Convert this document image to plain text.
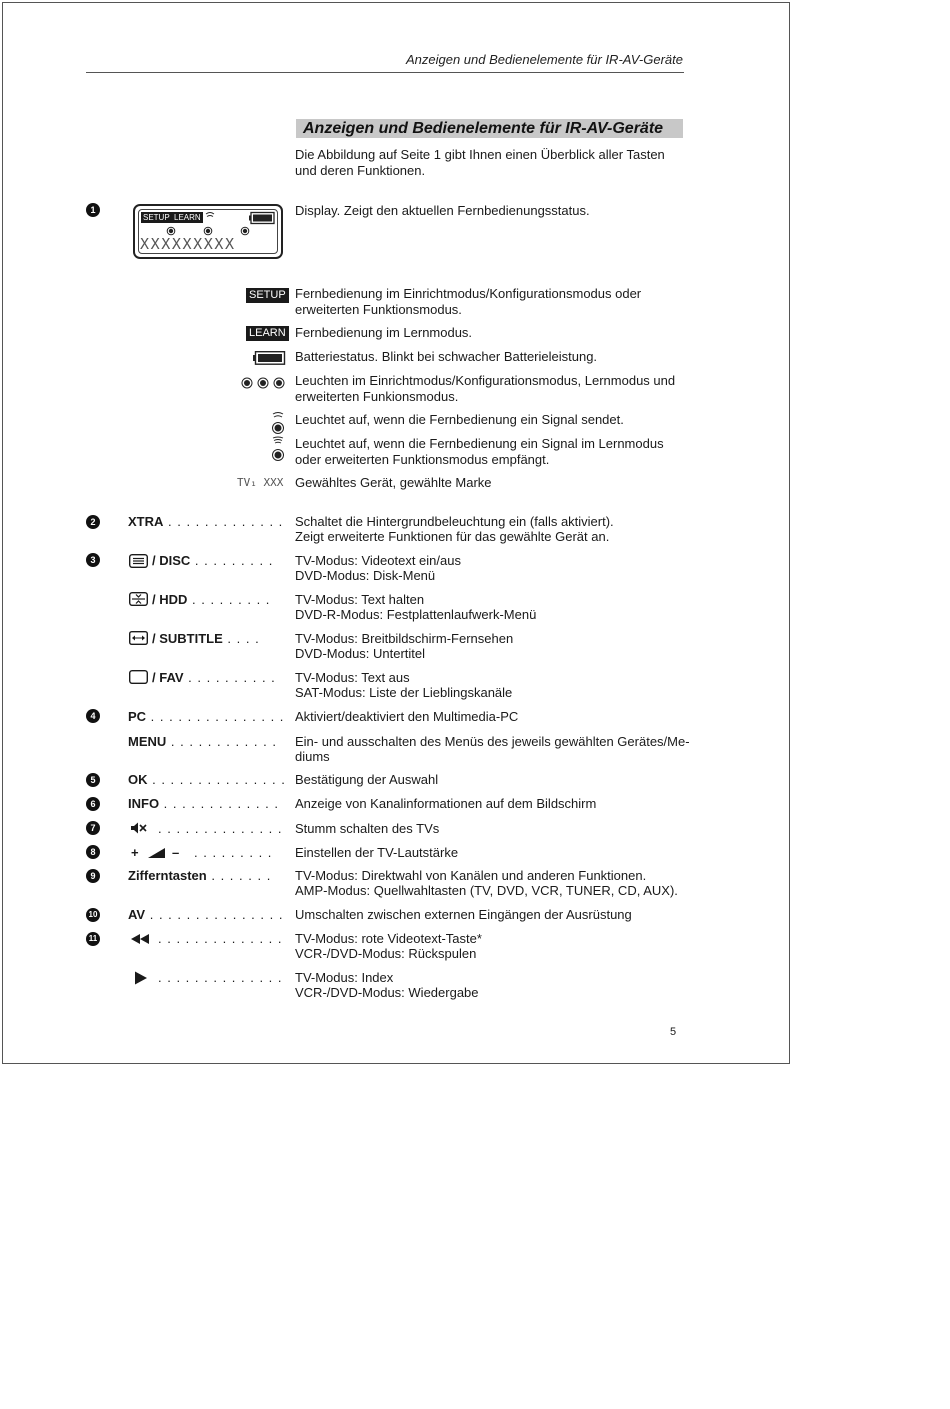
Anzeigen und Bedienelemente für IR-AV-Geräte
Anzeigen und Bedienelemente für IR-AV-Geräte
Die Abbildung auf Seite 1 gibt Ihnen einen Überblick aller Tasten und deren Funktionen.
1
SETUP LEARN
XXXXXXXXX
Display. Zeigt den aktuellen Fernbedienungsstatus.
SETUP Fernbedienung im Einrichtmodus/Konfigurationsmodus oder erweiterten Funktionsmodus.
LEARN Fernbedienung im Lernmodus.
Batteriestatus. Blinkt bei schwacher Batterieleistung.
Leuchten im Einrichtmodus/Konfigurationsmodus, Lernmodus und erweiterten Funkionsmodus.
Leuchtet auf, wenn die Fernbedienung ein Signal sendet.
Leuchtet auf, wenn die Fernbedienung ein Signal im Lernmodus oder erweiterten Funktionsmodus empfängt.
TV₁ XXX Gewähltes Gerät, gewählte Marke
2	XTRA . . . . . . . . . . . . . Schaltet die Hintergrundbeleuchtung ein (falls aktiviert).
Zeigt erweiterte Funktionen für das gewählte Gerät an.
3	/ DISC . . . . . . . . . TV-Modus: Videotext ein/aus
DVD-Modus: Disk-Menü
/ HDD . . . . . . . . . TV-Modus: Text halten
DVD-R-Modus: Festplattenlaufwerk-Menü
/ SUBTITLE . . . .	TV-Modus: Breitbildschirm-Fernsehen
DVD-Modus: Untertitel
/ FAV . . . . . . . . . . TV-Modus: Text aus
SAT-Modus: Liste der Lieblingskanäle
4	PC . . . . . . . . . . . . . . . Aktiviert/deaktiviert den Multimedia-PC
MENU . . . . . . . . . . . . Ein- und ausschalten des Menüs des jeweils gewählten Gerätes/Me-
diums
5	OK . . . . . . . . . . . . . . . Bestätigung der Auswahl
6	INFO . . . . . . . . . . . . . Anzeige von Kanalinformationen auf dem Bildschirm
7	. . . . . . . . . . . . . . Stumm schalten des TVs
8	+	–	. . . . . . . . . Einstellen der TV-Lautstärke
9	Zifferntasten . . . . . . . TV-Modus: Direktwahl von Kanälen und anderen Funktionen.
AMP-Modus: Quellwahltasten (TV, DVD, VCR, TUNER, CD, AUX).
10 AV . . . . . . . . . . . . . . . Umschalten zwischen externen Eingängen der Ausrüstung
11	. . . . . . . . . . . . . . TV-Modus: rote Videotext-Taste*
VCR-/DVD-Modus: Rückspulen
. . . . . . . . . . . . . . TV-Modus: Index
VCR-/DVD-Modus: Wiedergabe
5
